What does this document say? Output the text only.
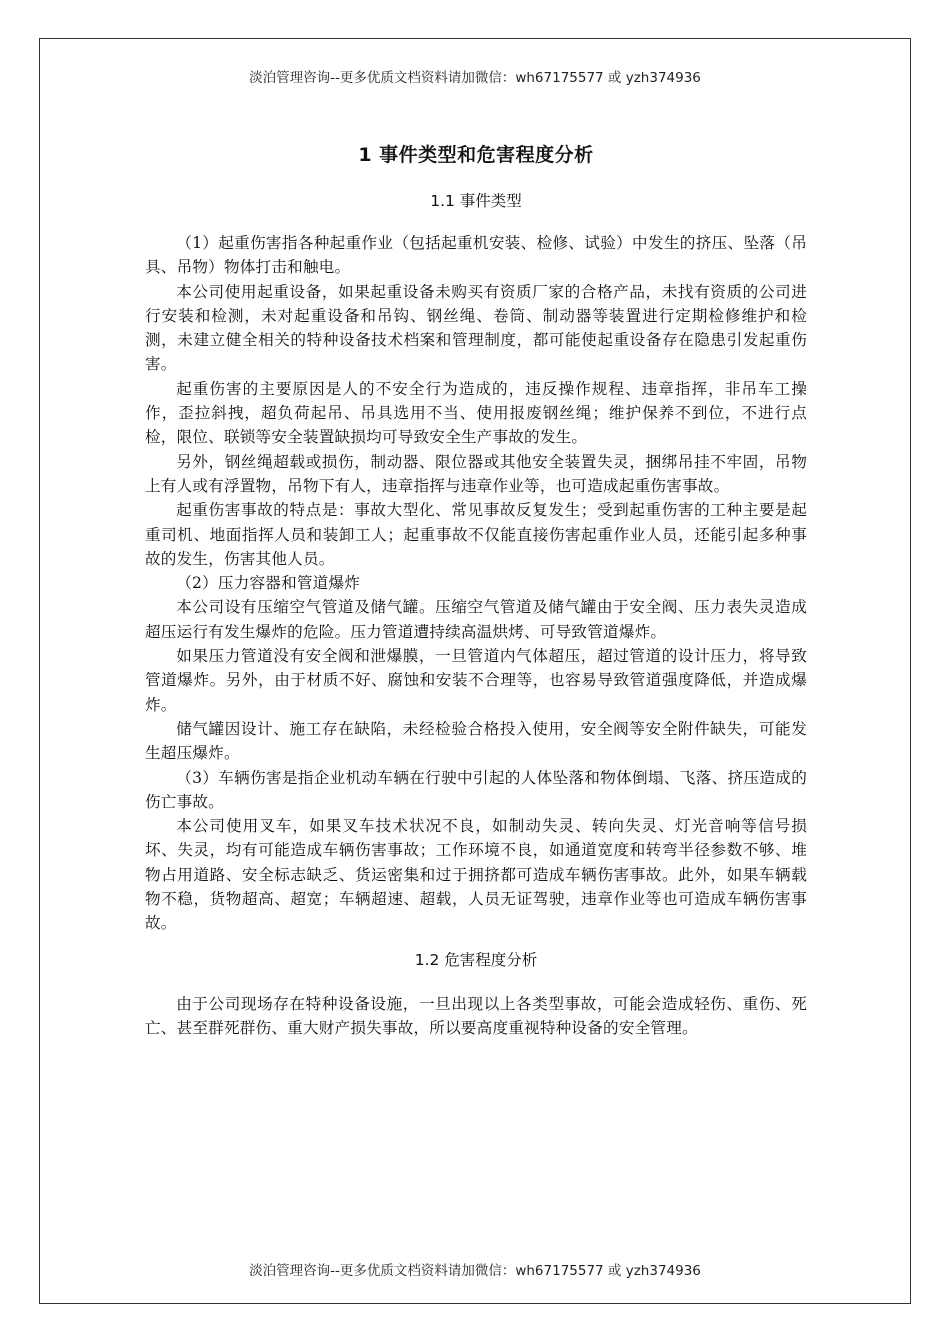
淡泊管理咨询--更多优质文档资料请加微信：wh67175577 或 yzh374936
1 事件类型和危害程度分析
1.1 事件类型

（1）起重伤害指各种起重作业（包括起重机安装、检修、试验）中发生的挤压、坠落（吊具、吊物）物体打击和触电。

本公司使用起重设备，如果起重设备未购买有资质厂家的合格产品，未找有资质的公司进行安装和检测，未对起重设备和吊钩、钢丝绳、卷筒、制动器等装置进行定期检修维护和检测，未建立健全相关的特种设备技术档案和管理制度，都可能使起重设备存在隐患引发起重伤害。

起重伤害的主要原因是人的不安全行为造成的，违反操作规程、违章指挥，非吊车工操作，歪拉斜拽，超负荷起吊、吊具选用不当、使用报废钢丝绳；维护保养不到位，不进行点检，限位、联锁等安全装置缺损均可导致安全生产事故的发生。

另外，钢丝绳超载或损伤，制动器、限位器或其他安全装置失灵，捆绑吊挂不牢固，吊物上有人或有浮置物，吊物下有人，违章指挥与违章作业等，也可造成起重伤害事故。

起重伤害事故的特点是：事故大型化、常见事故反复发生；受到起重伤害的工种主要是起重司机、地面指挥人员和装卸工人；起重事故不仅能直接伤害起重作业人员，还能引起多种事故的发生，伤害其他人员。

（2）压力容器和管道爆炸

本公司设有压缩空气管道及储气罐。压缩空气管道及储气罐由于安全阀、压力表失灵造成超压运行有发生爆炸的危险。压力管道遭持续高温烘烤、可导致管道爆炸。

如果压力管道没有安全阀和泄爆膜，一旦管道内气体超压，超过管道的设计压力，将导致管道爆炸。另外，由于材质不好、腐蚀和安装不合理等，也容易导致管道强度降低，并造成爆炸。

储气罐因设计、施工存在缺陷，未经检验合格投入使用，安全阀等安全附件缺失，可能发生超压爆炸。

（3）车辆伤害是指企业机动车辆在行驶中引起的人体坠落和物体倒塌、飞落、挤压造成的伤亡事故。

本公司使用叉车，如果叉车技术状况不良，如制动失灵、转向失灵、灯光音响等信号损坏、失灵，均有可能造成车辆伤害事故；工作环境不良，如通道宽度和转弯半径参数不够、堆物占用道路、安全标志缺乏、货运密集和过于拥挤都可造成车辆伤害事故。此外，如果车辆载物不稳，货物超高、超宽；车辆超速、超载，人员无证驾驶，违章作业等也可造成车辆伤害事故。

1.2 危害程度分析

由于公司现场存在特种设备设施，一旦出现以上各类型事故，可能会造成轻伤、重伤、死亡、甚至群死群伤、重大财产损失事故，所以要高度重视特种设备的安全管理。

淡泊管理咨询--更多优质文档资料请加微信：wh67175577 或 yzh374936
